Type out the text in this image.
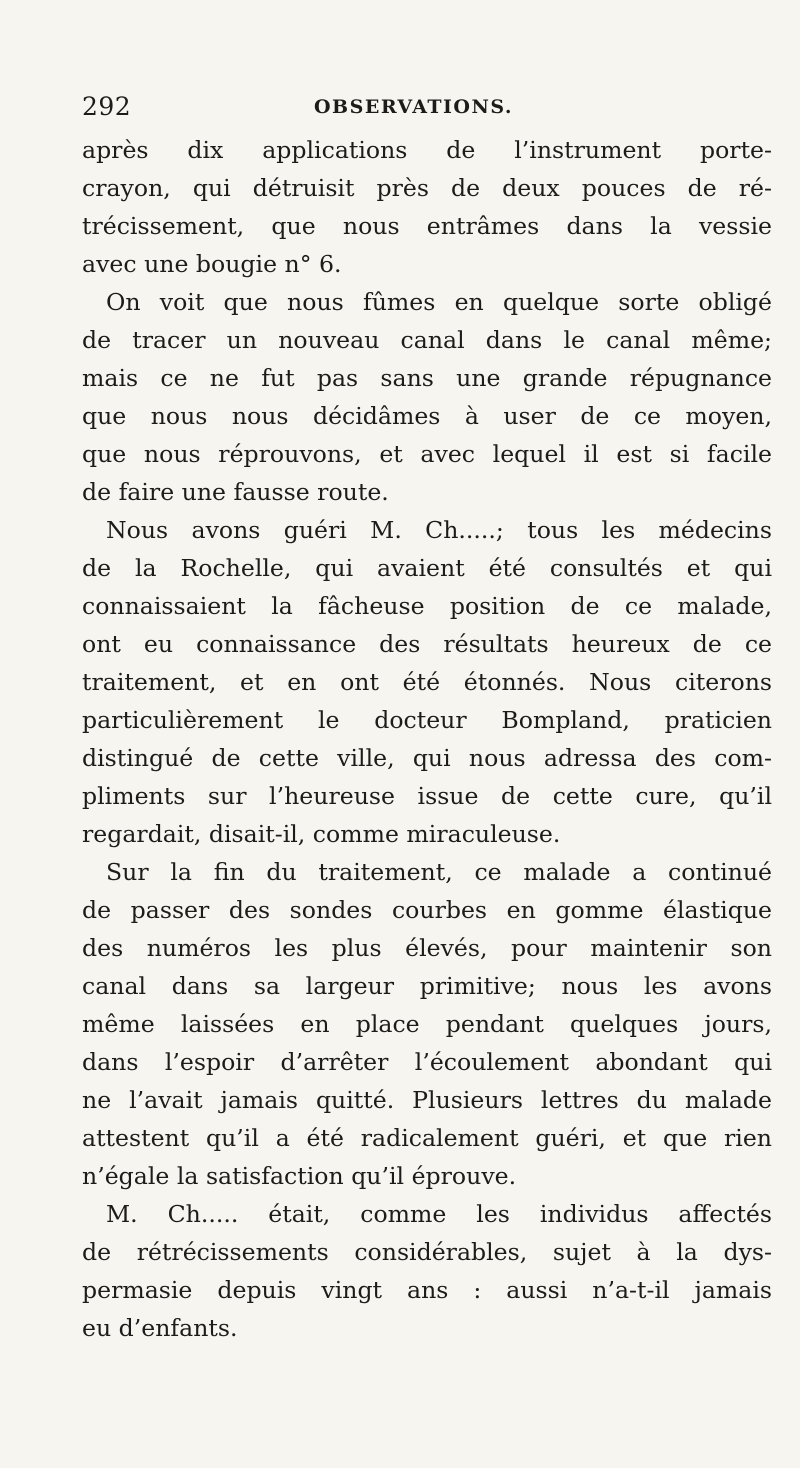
292	OBSERVATIONS.
après dix applications de l’instrument porte-
crayon, qui détruisit près de deux pouces de ré-
trécissement, que nous entrâmes dans la vessie
avec une bougie n° 6.
On voit que nous fûmes en quelque sorte obligé
de tracer un nouveau canal dans le canal même;
mais ce ne fut pas sans une grande répugnance
que nous nous décidâmes à user de ce moyen,
que nous réprouvons, et avec lequel il est si facile
de faire une fausse route.
Nous avons guéri M. Ch.....; tous les médecins
de la Rochelle, qui avaient été consultés et qui
connaissaient la fâcheuse position de ce malade,
ont eu connaissance des résultats heureux de ce
traitement, et en ont été étonnés. Nous citerons
particulièrement le docteur Bompland, praticien
distingué de cette ville, qui nous adressa des com-
pliments sur l’heureuse issue de cette cure, qu’il
regardait, disait-il, comme miraculeuse.
Sur la fin du traitement, ce malade a continué
de passer des sondes courbes en gomme élastique
des numéros les plus élevés, pour maintenir son
canal dans sa largeur primitive; nous les avons
même laissées en place pendant quelques jours,
dans l’espoir d’arrêter l’écoulement abondant qui
ne l’avait jamais quitté. Plusieurs lettres du malade
attestent qu’il a été radicalement guéri, et que rien
n’égale la satisfaction qu’il éprouve.
M. Ch..... était, comme les individus affectés
de rétrécissements considérables, sujet à la dys-
permasie depuis vingt ans : aussi n’a-t-il jamais
eu d’enfants.
